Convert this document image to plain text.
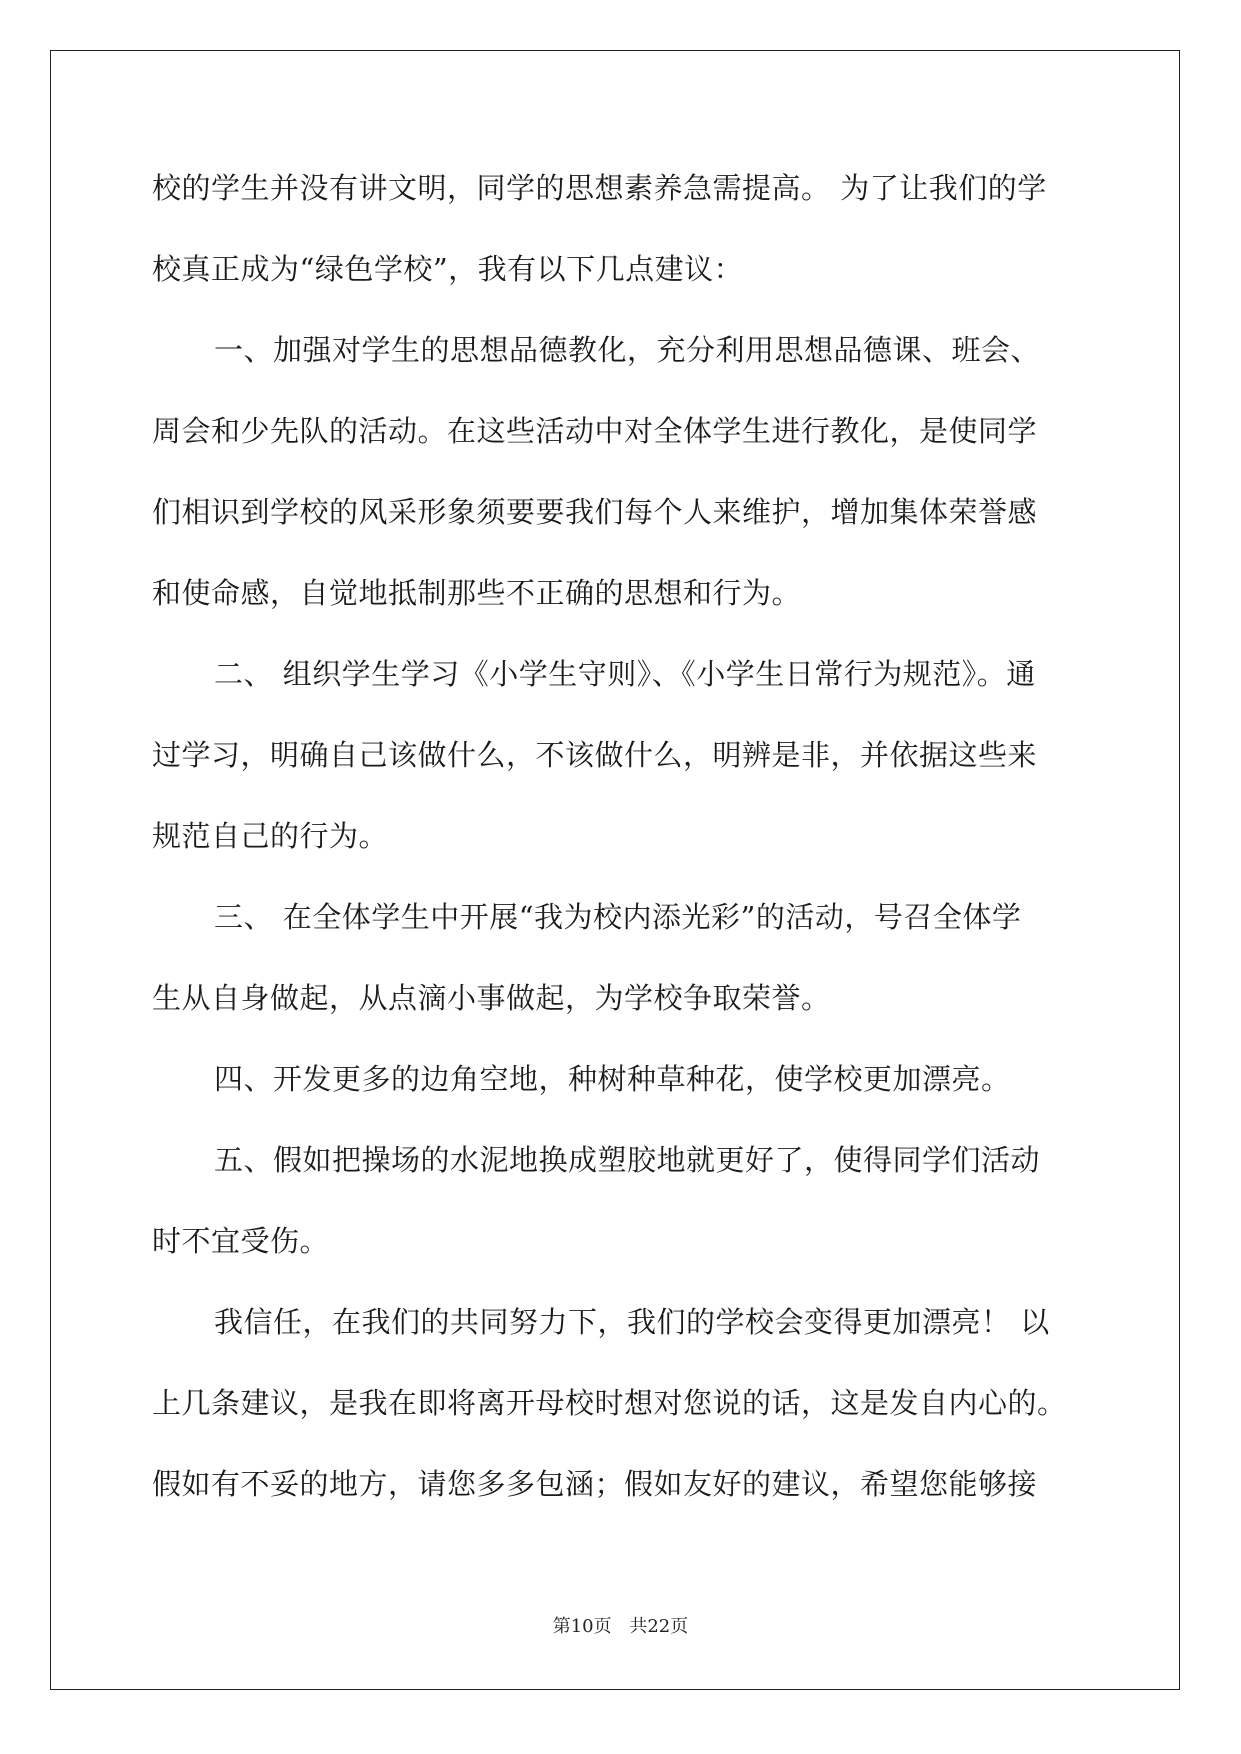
校的学生并没有讲文明，同学的思想素养急需提高。 为了让我们的学
校真正成为“绿色学校”，我有以下几点建议：
一、加强对学生的思想品德教化，充分利用思想品德课、班会、
周会和少先队的活动。在这些活动中对全体学生进行教化，是使同学
们相识到学校的风采形象须要要我们每个人来维护，增加集体荣誉感
和使命感，自觉地抵制那些不正确的思想和行为。
二、 组织学生学习《小学生守则》、《小学生日常行为规范》。通
过学习，明确自己该做什么，不该做什么，明辨是非，并依据这些来
规范自己的行为。
三、 在全体学生中开展“我为校内添光彩”的活动，号召全体学
生从自身做起，从点滴小事做起，为学校争取荣誉。
四、开发更多的边角空地，种树种草种花，使学校更加漂亮。
五、假如把操场的水泥地换成塑胶地就更好了，使得同学们活动
时不宜受伤。
我信任，在我们的共同努力下，我们的学校会变得更加漂亮！ 以
上几条建议，是我在即将离开母校时想对您说的话，这是发自内心的。
假如有不妥的地方，请您多多包涵；假如友好的建议，希望您能够接
第10页 共22页
